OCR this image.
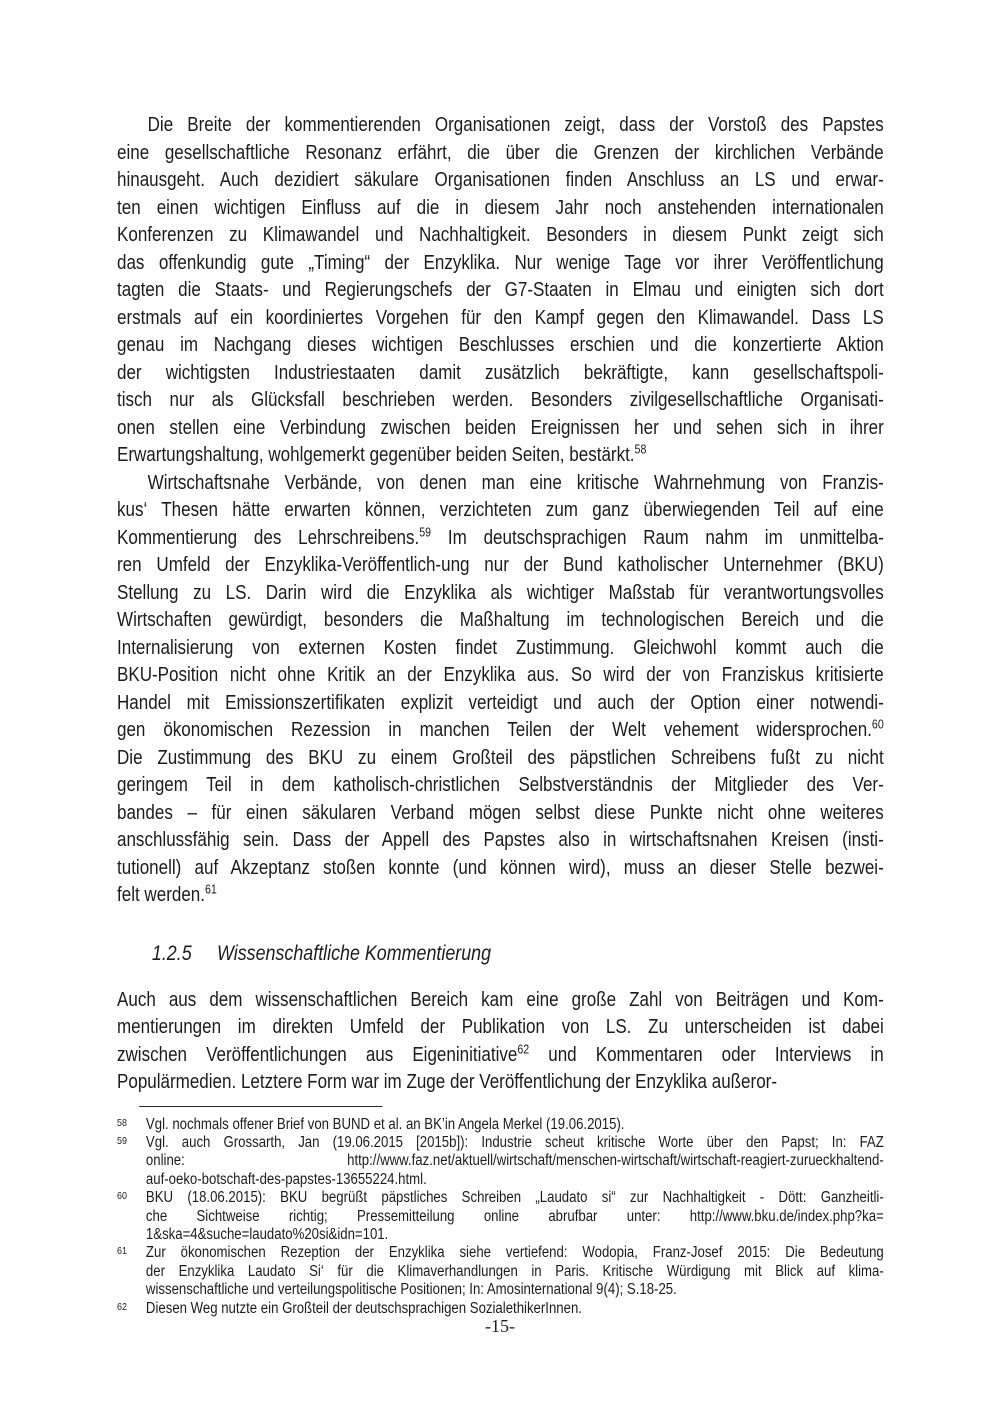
Die Breite der kommentierenden Organisationen zeigt, dass der Vorstoß des Papstes
eine gesellschaftliche Resonanz erfährt, die über die Grenzen der kirchlichen Verbände
hinausgeht. Auch dezidiert säkulare Organisationen finden Anschluss an LS und erwar-
ten einen wichtigen Einfluss auf die in diesem Jahr noch anstehenden internationalen
Konferenzen zu Klimawandel und Nachhaltigkeit. Besonders in diesem Punkt zeigt sich
das offenkundig gute „Timing“ der Enzyklika. Nur wenige Tage vor ihrer Veröffentlichung
tagten die Staats- und Regierungschefs der G7-Staaten in Elmau und einigten sich dort
erstmals auf ein koordiniertes Vorgehen für den Kampf gegen den Klimawandel. Dass LS
genau im Nachgang dieses wichtigen Beschlusses erschien und die konzertierte Aktion
der wichtigsten Industriestaaten damit zusätzlich bekräftigte, kann gesellschaftspoli-
tisch nur als Glücksfall beschrieben werden. Besonders zivilgesellschaftliche Organisati-
onen stellen eine Verbindung zwischen beiden Ereignissen her und sehen sich in ihrer
Erwartungshaltung, wohlgemerkt gegenüber beiden Seiten, bestärkt.$^{58}$
Wirtschaftsnahe Verbände, von denen man eine kritische Wahrnehmung von Franzis-
kus‘ Thesen hätte erwarten können, verzichteten zum ganz überwiegenden Teil auf eine
Kommentierung des Lehrschreibens.$^{59}$ Im deutschsprachigen Raum nahm im unmittelba-
ren Umfeld der Enzyklika-Veröffentlich-ung nur der Bund katholischer Unternehmer (BKU)
Stellung zu LS. Darin wird die Enzyklika als wichtiger Maßstab für verantwortungsvolles
Wirtschaften gewürdigt, besonders die Maßhaltung im technologischen Bereich und die
Internalisierung von externen Kosten findet Zustimmung. Gleichwohl kommt auch die
BKU-Position nicht ohne Kritik an der Enzyklika aus. So wird der von Franziskus kritisierte
Handel mit Emissionszertifikaten explizit verteidigt und auch der Option einer notwendi-
gen ökonomischen Rezession in manchen Teilen der Welt vehement widersprochen.$^{60}$
Die Zustimmung des BKU zu einem Großteil des päpstlichen Schreibens fußt zu nicht
geringem Teil in dem katholisch-christlichen Selbstverständnis der Mitglieder des Ver-
bandes – für einen säkularen Verband mögen selbst diese Punkte nicht ohne weiteres
anschlussfähig sein. Dass der Appell des Papstes also in wirtschaftsnahen Kreisen (insti-
tutionell) auf Akzeptanz stoßen konnte (und können wird), muss an dieser Stelle bezwei-
felt werden.$^{61}$
1.2.5 Wissenschaftliche Kommentierung
Auch aus dem wissenschaftlichen Bereich kam eine große Zahl von Beiträgen und Kom-
mentierungen im direkten Umfeld der Publikation von LS. Zu unterscheiden ist dabei
zwischen Veröffentlichungen aus Eigeninitiative$^{62}$ und Kommentaren oder Interviews in
Populärmedien. Letztere Form war im Zuge der Veröffentlichung der Enzyklika außeror-
58 Vgl. nochmals offener Brief von BUND et al. an BK’in Angela Merkel (19.06.2015).
59 Vgl. auch Grossarth, Jan (19.06.2015 [2015b]): Industrie scheut kritische Worte über den Papst; In: FAZ
online: http://www.faz.net/aktuell/wirtschaft/menschen-wirtschaft/wirtschaft-reagiert-zurueckhaltend-
auf-oeko-botschaft-des-papstes-13655224.html.
60 BKU (18.06.2015): BKU begrüßt päpstliches Schreiben „Laudato si“ zur Nachhaltigkeit - Dött: Ganzheitli-
che Sichtweise richtig; Pressemitteilung online abrufbar unter: http://www.bku.de/index.php?ka=
1&ska=4&suche=laudato%20si&idn=101.
61 Zur ökonomischen Rezeption der Enzyklika siehe vertiefend: Wodopia, Franz-Josef 2015: Die Bedeutung
der Enzyklika Laudato Si‘ für die Klimaverhandlungen in Paris. Kritische Würdigung mit Blick auf klima-
wissenschaftliche und verteilungspolitische Positionen; In: Amosinternational 9(4); S.18-25.
62 Diesen Weg nutzte ein Großteil der deutschsprachigen SozialethikerInnen.
-15-
